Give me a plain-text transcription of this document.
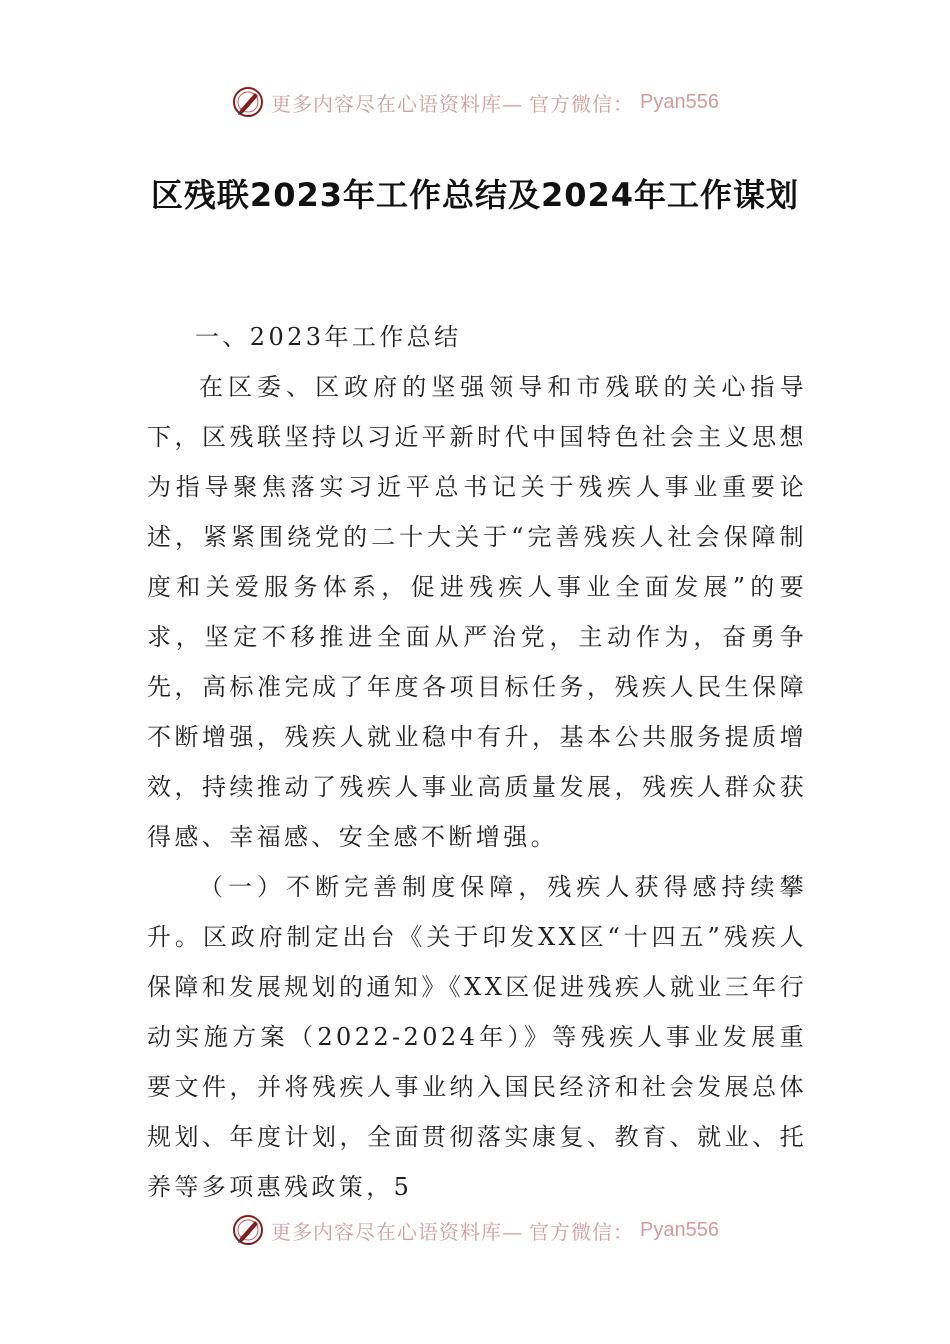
更多内容尽在心语资料库— 官方微信： Pyan556
区残联2023年工作总结及2024年工作谋划
一、2023年工作总结
在区委、区政府的坚强领导和市残联的关心指导下，区残联坚持以习近平新时代中国特色社会主义思想为指导聚焦落实习近平总书记关于残疾人事业重要论述，紧紧围绕党的二十大关于“完善残疾人社会保障制度和关爱服务体系，促进残疾人事业全面发展”的要求，坚定不移推进全面从严治党，主动作为，奋勇争先，高标准完成了年度各项目标任务，残疾人民生保障不断增强，残疾人就业稳中有升，基本公共服务提质增效，持续推动了残疾人事业高质量发展，残疾人群众获得感、幸福感、安全感不断增强。
（一）不断完善制度保障，残疾人获得感持续攀升。区政府制定出台《关于印发XX区“十四五”残疾人保障和发展规划的通知》《XX区促进残疾人就业三年行动实施方案（2022-2024年）》等残疾人事业发展重要文件，并将残疾人事业纳入国民经济和社会发展总体规划、年度计划，全面贯彻落实康复、教育、就业、托养等多项惠残政策，5
更多内容尽在心语资料库— 官方微信： Pyan556
